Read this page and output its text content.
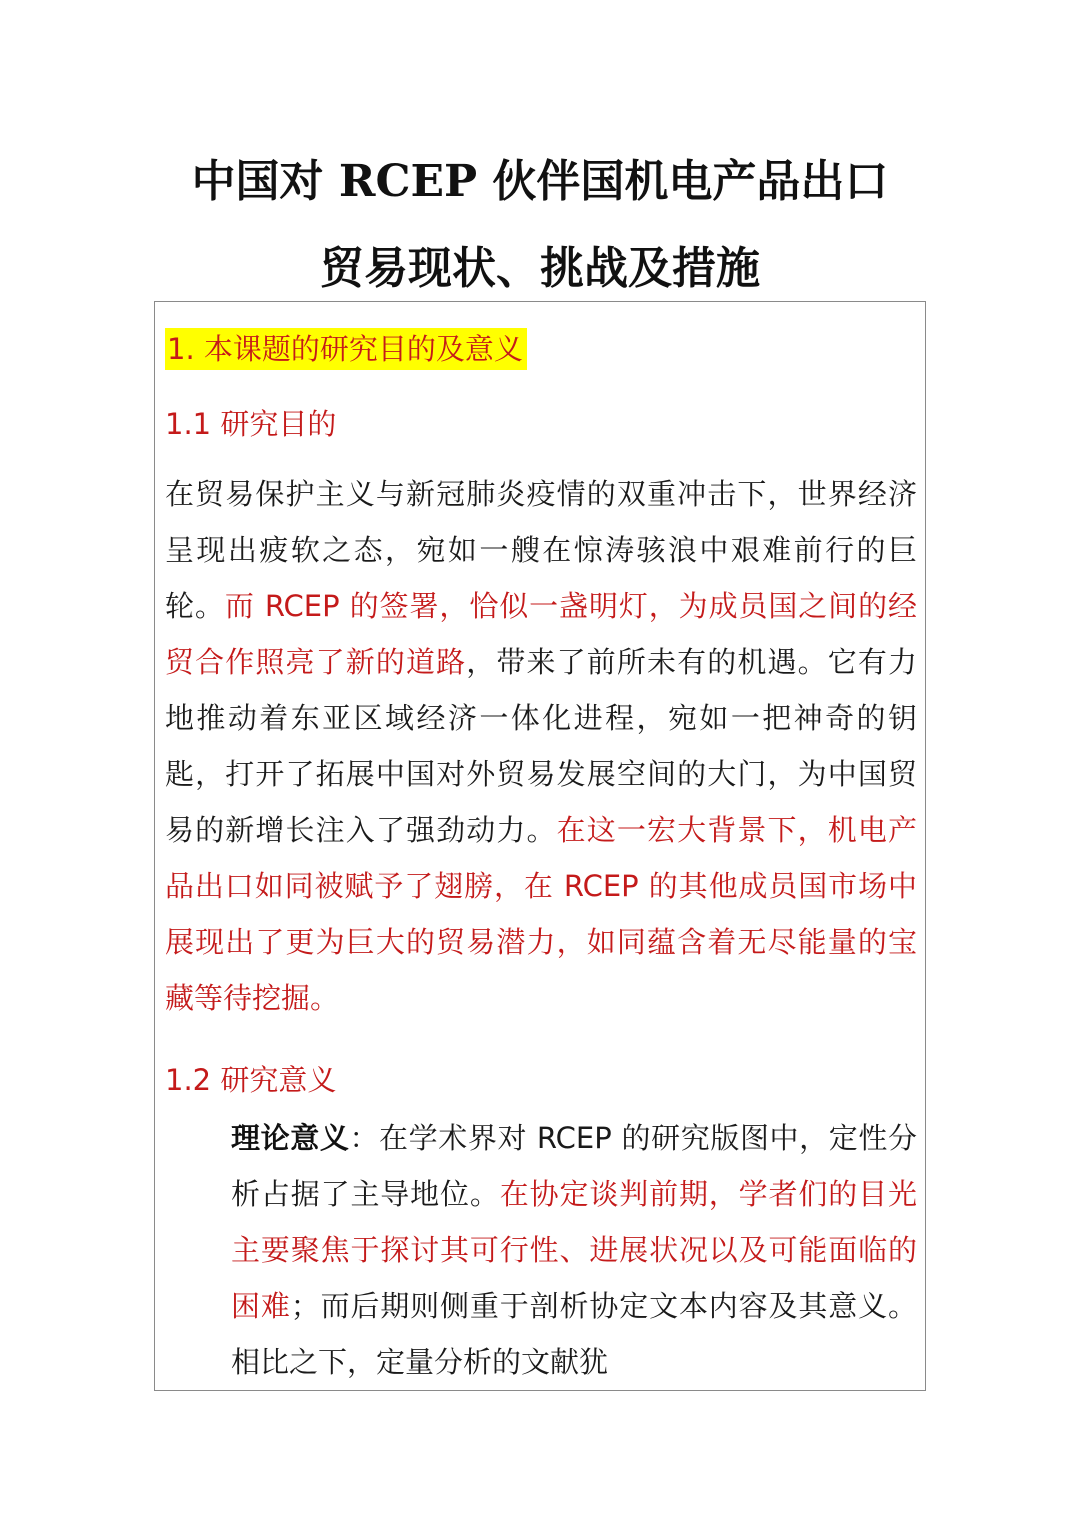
中国对 RCEP 伙伴国机电产品出口
贸易现状、挑战及措施
1. 本课题的研究目的及意义
1.1 研究目的

在贸易保护主义与新冠肺炎疫情的双重冲击下，世界经济呈现出疲软之态，宛如一艘在惊涛骇浪中艰难前行的巨轮。而 RCEP 的签署，恰似一盏明灯，为成员国之间的经贸合作照亮了新的道路，带来了前所未有的机遇。它有力地推动着东亚区域经济一体化进程，宛如一把神奇的钥匙，打开了拓展中国对外贸易发展空间的大门，为中国贸易的新增长注入了强劲动力。在这一宏大背景下，机电产品出口如同被赋予了翅膀，在 RCEP 的其他成员国市场中展现出了更为巨大的贸易潜力，如同蕴含着无尽能量的宝藏等待挖掘。

1.2 研究意义

理论意义：在学术界对 RCEP 的研究版图中，定性分析占据了主导地位。在协定谈判前期，学者们的目光主要聚焦于探讨其可行性、进展状况以及可能面临的困难；而后期则侧重于剖析协定文本内容及其意义。相比之下，定量分析的文献犹
